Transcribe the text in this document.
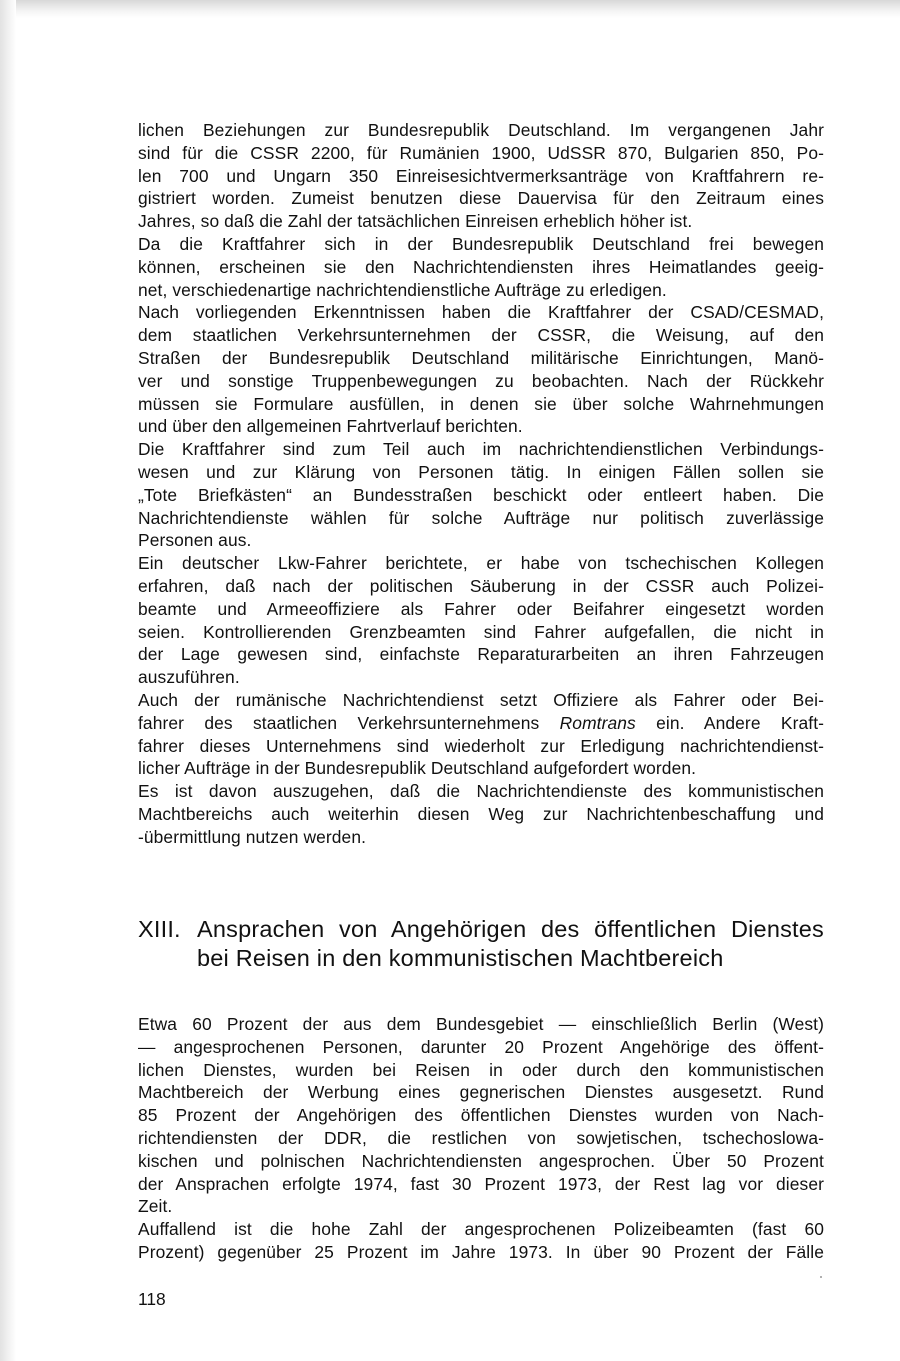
lichen Beziehungen zur Bundesrepublik Deutschland. Im vergangenen Jahr
sind für die CSSR 2200, für Rumänien 1900, UdSSR 870, Bulgarien 850, Po-
len 700 und Ungarn 350 Einreisesichtvermerksanträge von Kraftfahrern re-
gistriert worden. Zumeist benutzen diese Dauervisa für den Zeitraum eines
Jahres, so daß die Zahl der tatsächlichen Einreisen erheblich höher ist.
Da die Kraftfahrer sich in der Bundesrepublik Deutschland frei bewegen
können, erscheinen sie den Nachrichtendiensten ihres Heimatlandes geeig-
net, verschiedenartige nachrichtendienstliche Aufträge zu erledigen.
Nach vorliegenden Erkenntnissen haben die Kraftfahrer der CSAD/CESMAD,
dem staatlichen Verkehrsunternehmen der CSSR, die Weisung, auf den
Straßen der Bundesrepublik Deutschland militärische Einrichtungen, Manö-
ver und sonstige Truppenbewegungen zu beobachten. Nach der Rückkehr
müssen sie Formulare ausfüllen, in denen sie über solche Wahrnehmungen
und über den allgemeinen Fahrtverlauf berichten.
Die Kraftfahrer sind zum Teil auch im nachrichtendienstlichen Verbindungs-
wesen und zur Klärung von Personen tätig. In einigen Fällen sollen sie
„Tote Briefkästen“ an Bundesstraßen beschickt oder entleert haben. Die
Nachrichtendienste wählen für solche Aufträge nur politisch zuverlässige
Personen aus.
Ein deutscher Lkw-Fahrer berichtete, er habe von tschechischen Kollegen
erfahren, daß nach der politischen Säuberung in der CSSR auch Polizei-
beamte und Armeeoffiziere als Fahrer oder Beifahrer eingesetzt worden
seien. Kontrollierenden Grenzbeamten sind Fahrer aufgefallen, die nicht in
der Lage gewesen sind, einfachste Reparaturarbeiten an ihren Fahrzeugen
auszuführen.
Auch der rumänische Nachrichtendienst setzt Offiziere als Fahrer oder Bei-
fahrer des staatlichen Verkehrsunternehmens Romtrans ein. Andere Kraft-
fahrer dieses Unternehmens sind wiederholt zur Erledigung nachrichtendienst-
licher Aufträge in der Bundesrepublik Deutschland aufgefordert worden.
Es ist davon auszugehen, daß die Nachrichtendienste des kommunistischen
Machtbereichs auch weiterhin diesen Weg zur Nachrichtenbeschaffung und
-übermittlung nutzen werden.
XIII. Ansprachen von Angehörigen des öffentlichen Dienstes
bei Reisen in den kommunistischen Machtbereich
Etwa 60 Prozent der aus dem Bundesgebiet — einschließlich Berlin (West)
— angesprochenen Personen, darunter 20 Prozent Angehörige des öffent-
lichen Dienstes, wurden bei Reisen in oder durch den kommunistischen
Machtbereich der Werbung eines gegnerischen Dienstes ausgesetzt. Rund
85 Prozent der Angehörigen des öffentlichen Dienstes wurden von Nach-
richtendiensten der DDR, die restlichen von sowjetischen, tschechoslowa-
kischen und polnischen Nachrichtendiensten angesprochen. Über 50 Prozent
der Ansprachen erfolgte 1974, fast 30 Prozent 1973, der Rest lag vor dieser
Zeit.
Auffallend ist die hohe Zahl der angesprochenen Polizeibeamten (fast 60
Prozent) gegenüber 25 Prozent im Jahre 1973. In über 90 Prozent der Fälle
118
